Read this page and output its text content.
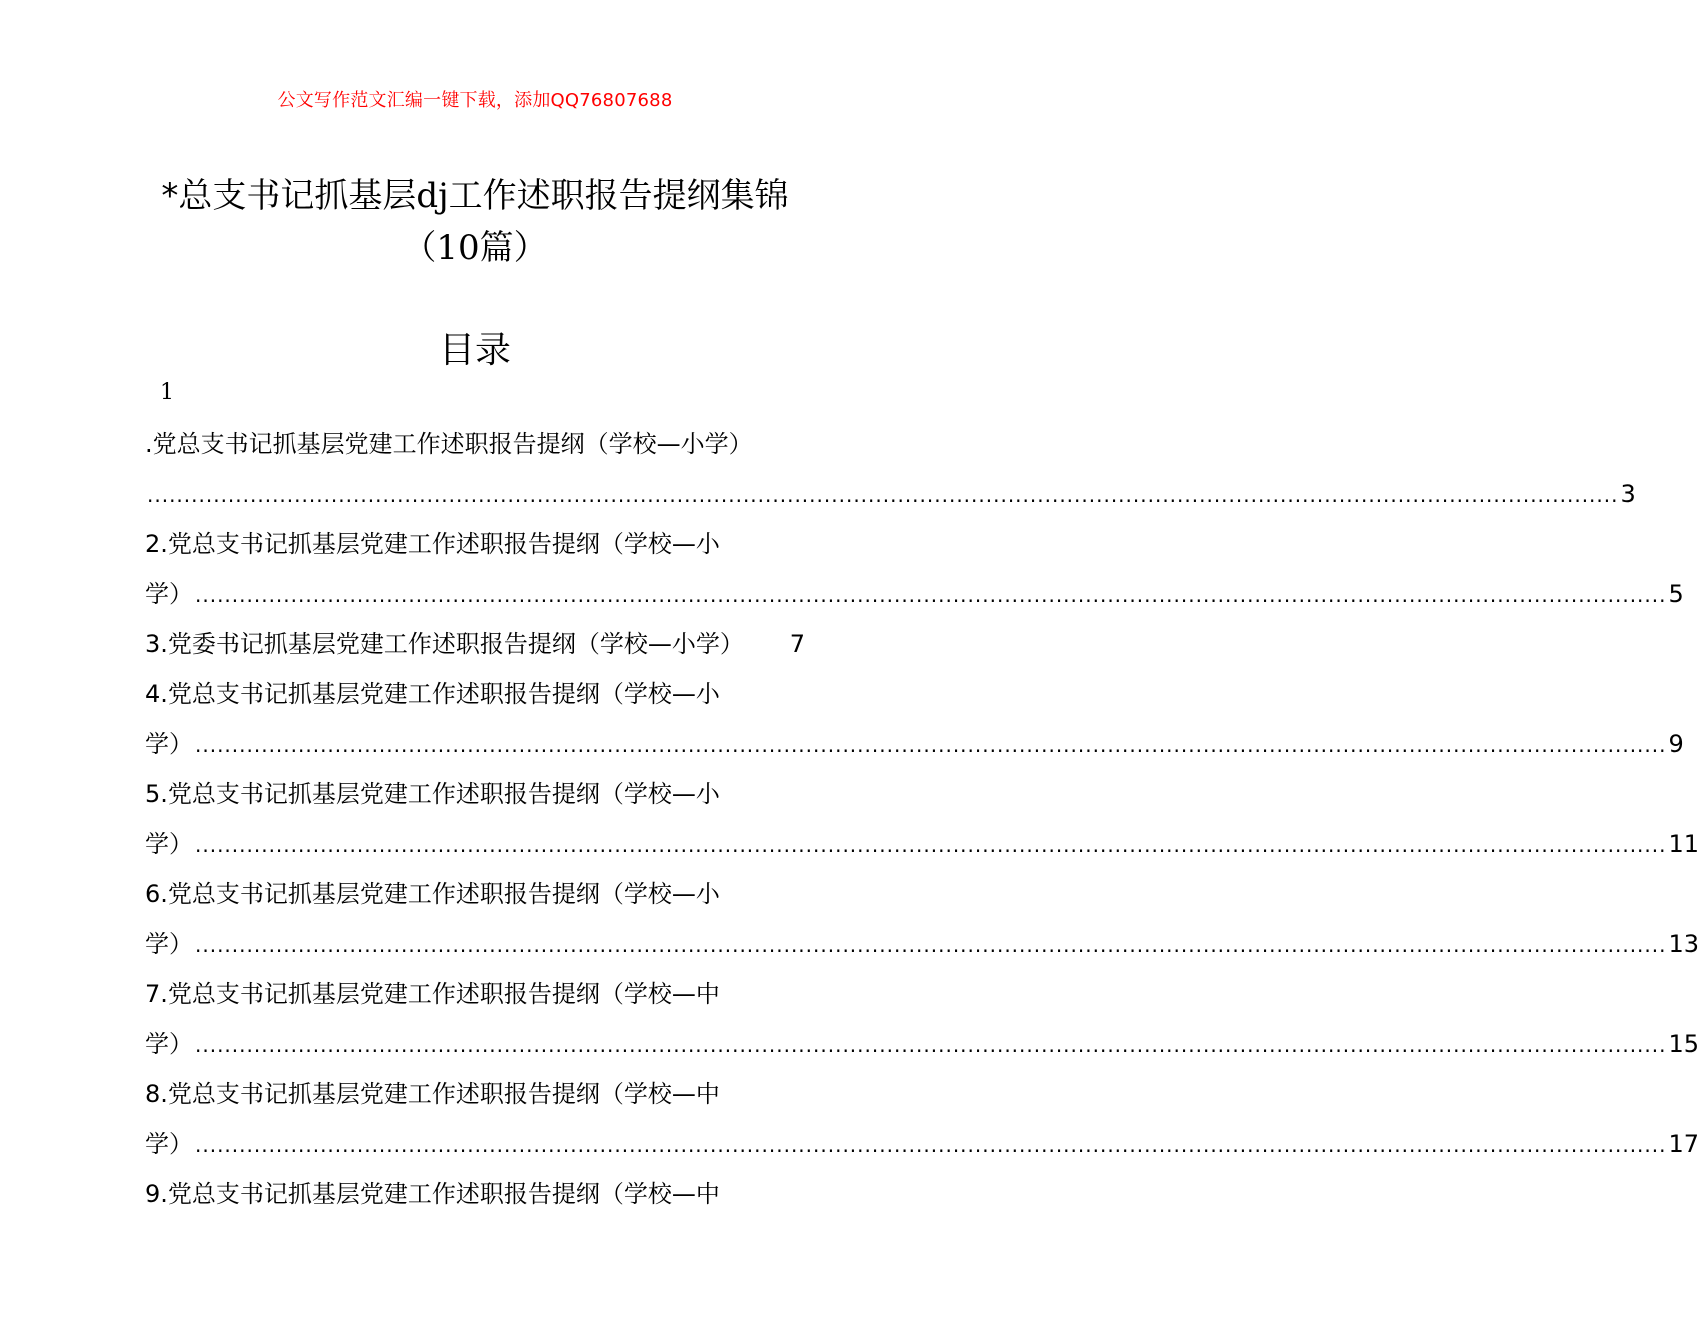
公文写作范文汇编一键下载，添加QQ76807688
*总支书记抓基层dj工作述职报告提纲集锦
（10篇）
目录
1
.党总支书记抓基层党建工作述职报告提纲（学校—小学）
........................................................................................................................................................................................................ 3
2.党总支书记抓基层党建工作述职报告提纲（学校—小
学） ........................................................................................................................................................................................................ 5
3.党委书记抓基层党建工作述职报告提纲（学校—小学） 7
4.党总支书记抓基层党建工作述职报告提纲（学校—小
学） ........................................................................................................................................................................................................ 9
5.党总支书记抓基层党建工作述职报告提纲（学校—小
学） ........................................................................................................................................................................................................ 11
6.党总支书记抓基层党建工作述职报告提纲（学校—小
学） ........................................................................................................................................................................................................ 13
7.党总支书记抓基层党建工作述职报告提纲（学校—中
学） ........................................................................................................................................................................................................ 15
8.党总支书记抓基层党建工作述职报告提纲（学校—中
学） ........................................................................................................................................................................................................ 17
9.党总支书记抓基层党建工作述职报告提纲（学校—中
